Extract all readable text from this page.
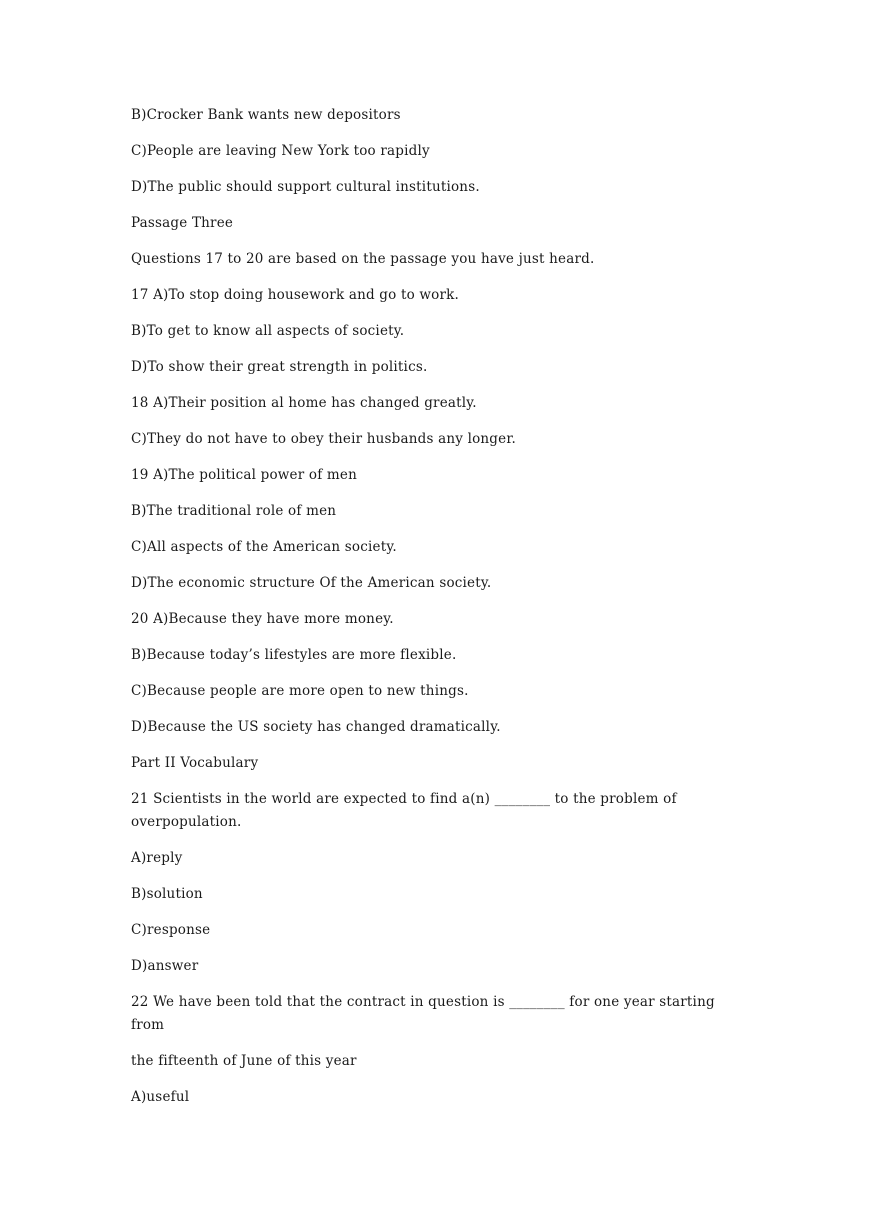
B)Crocker Bank wants new depositors

C)People are leaving New York too rapidly

D)The public should support cultural institutions.

Passage Three

Questions 17 to 20 are based on the passage you have just heard.

17 A)To stop doing housework and go to work.

B)To get to know all aspects of society.

D)To show their great strength in politics.

18 A)Their position al home has changed greatly.

C)They do not have to obey their husbands any longer.

19 A)The political power of men

B)The traditional role of men

C)All aspects of the American society.

D)The economic structure Of the American society.

20 A)Because they have more money.

B)Because today’s lifestyles are more flexible.

C)Because people are more open to new things.

D)Because the US society has changed dramatically.

Part II Vocabulary

21 Scientists in the world are expected to find a(n) ________ to the problem of
overpopulation.

A)reply

B)solution

C)response

D)answer

22 We have been told that the contract in question is ________ for one year starting
from

the fifteenth of June of this year

A)useful
